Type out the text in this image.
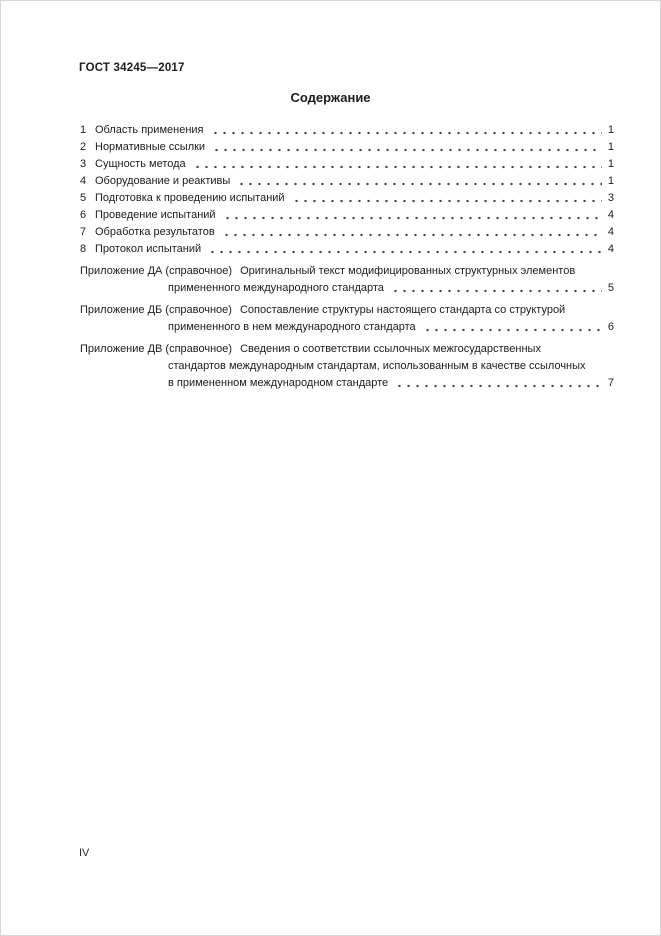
ГОСТ 34245—2017
Содержание
1 Область применения	1
2 Нормативные ссылки	1
3 Сущность метода	1
4 Оборудование и реактивы	1
5 Подготовка к проведению испытаний	3
6 Проведение испытаний	4
7 Обработка результатов	4
8 Протокол испытаний	4
Приложение ДА (справочное) Оригинальный текст модифицированных структурных элементов
примененного международного стандарта	5
Приложение ДБ (справочное) Сопоставление структуры настоящего стандарта со структурой
примененного в нем международного стандарта	6
Приложение ДВ (справочное) Сведения о соответствии ссылочных межгосударственных
стандартов международным стандартам, использованным в качестве ссылочных
в примененном международном стандарте	7
IV
